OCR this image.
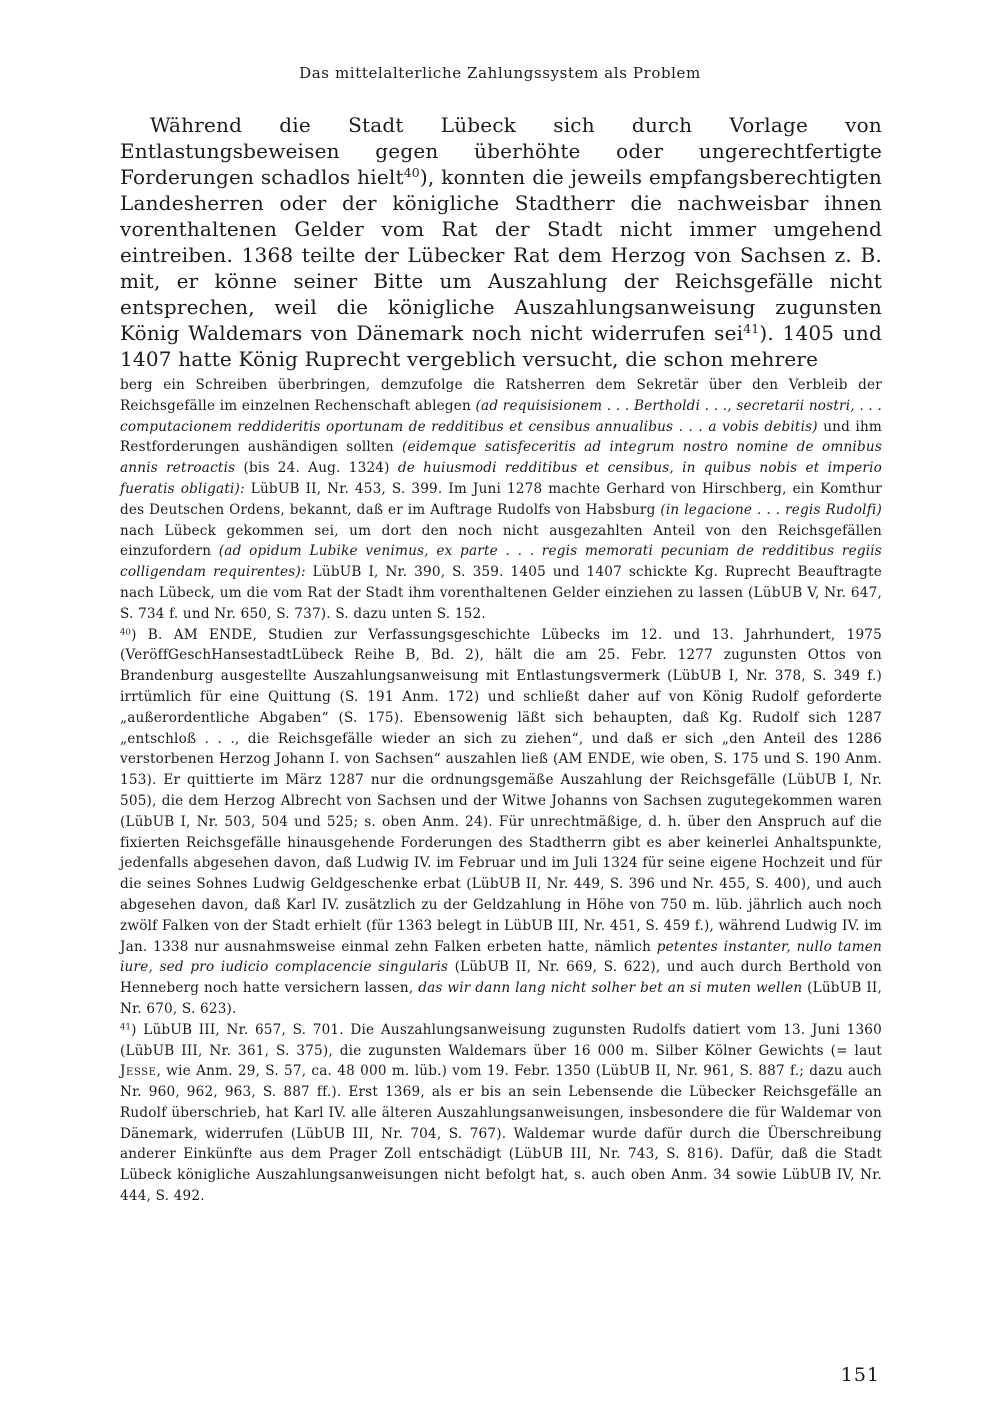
Das mittelalterliche Zahlungssystem als Problem

Während die Stadt Lübeck sich durch Vorlage von Entlastungsbeweisen gegen überhöhte oder ungerechtfertigte Forderungen schadlos hielt$^{40}$), konnten die jeweils empfangsberechtigten Landesherren oder der königliche Stadtherr die nachweisbar ihnen vorenthaltenen Gelder vom Rat der Stadt nicht immer umgehend eintreiben. 1368 teilte der Lübecker Rat dem Herzog von Sachsen z. B. mit, er könne seiner Bitte um Auszahlung der Reichsgefälle nicht entsprechen, weil die königliche Auszahlungsanweisung zugunsten König Waldemars von Dänemark noch nicht widerrufen sei$^{41}$). 1405 und 1407 hatte König Ruprecht vergeblich versucht, die schon mehrere

berg ein Schreiben überbringen, demzufolge die Ratsherren dem Sekretär über den Verbleib der Reichsgefälle im einzelnen Rechenschaft ablegen (ad requisisionem . . . Bertholdi . . ., secretarii nostri, . . . computacionem reddideritis oportunam de redditibus et censibus annualibus . . . a vobis debitis) und ihm Restforderungen aushändigen sollten (eidemque satisfeceritis ad integrum nostro nomine de omnibus annis retroactis (bis 24. Aug. 1324) de huiusmodi redditibus et censibus, in quibus nobis et imperio fueratis obligati): LübUB II, Nr. 453, S. 399. Im Juni 1278 machte Gerhard von Hirschberg, ein Komthur des Deutschen Ordens, bekannt, daß er im Auftrage Rudolfs von Habsburg (in legacione . . . regis Rudolfi) nach Lübeck gekommen sei, um dort den noch nicht ausgezahlten Anteil von den Reichsgefällen einzufordern (ad opidum Lubike venimus, ex parte . . . regis memorati pecuniam de redditibus regiis colligendam requirentes): LübUB I, Nr. 390, S. 359. 1405 und 1407 schickte Kg. Ruprecht Beauftragte nach Lübeck, um die vom Rat der Stadt ihm vorenthaltenen Gelder einziehen zu lassen (LübUB V, Nr. 647, S. 734 f. und Nr. 650, S. 737). S. dazu unten S. 152.

$^{40}$) B. AM ENDE, Studien zur Verfassungsgeschichte Lübecks im 12. und 13. Jahrhundert, 1975 (VeröffGeschHansestadtLübeck Reihe B, Bd. 2), hält die am 25. Febr. 1277 zugunsten Ottos von Brandenburg ausgestellte Auszahlungsanweisung mit Entlastungsvermerk (LübUB I, Nr. 378, S. 349 f.) irrtümlich für eine Quittung (S. 191 Anm. 172) und schließt daher auf von König Rudolf geforderte „außerordentliche Abgaben“ (S. 175). Ebensowenig läßt sich behaupten, daß Kg. Rudolf sich 1287 „entschloß . . ., die Reichsgefälle wieder an sich zu ziehen“, und daß er sich „den Anteil des 1286 verstorbenen Herzog Johann I. von Sachsen“ auszahlen ließ (AM ENDE, wie oben, S. 175 und S. 190 Anm. 153). Er quittierte im März 1287 nur die ordnungsgemäße Auszahlung der Reichsgefälle (LübUB I, Nr. 505), die dem Herzog Albrecht von Sachsen und der Witwe Johanns von Sachsen zugutegekommen waren (LübUB I, Nr. 503, 504 und 525; s. oben Anm. 24). Für unrechtmäßige, d. h. über den Anspruch auf die fixierten Reichsgefälle hinausgehende Forderungen des Stadtherrn gibt es aber keinerlei Anhaltspunkte, jedenfalls abgesehen davon, daß Ludwig IV. im Februar und im Juli 1324 für seine eigene Hochzeit und für die seines Sohnes Ludwig Geldgeschenke erbat (LübUB II, Nr. 449, S. 396 und Nr. 455, S. 400), und auch abgesehen davon, daß Karl IV. zusätzlich zu der Geldzahlung in Höhe von 750 m. lüb. jährlich auch noch zwölf Falken von der Stadt erhielt (für 1363 belegt in LübUB III, Nr. 451, S. 459 f.), während Ludwig IV. im Jan. 1338 nur ausnahmsweise einmal zehn Falken erbeten hatte, nämlich petentes instanter, nullo tamen iure, sed pro iudicio complacencie singularis (LübUB II, Nr. 669, S. 622), und auch durch Berthold von Henneberg noch hatte versichern lassen, das wir dann lang nicht solher bet an si muten wellen (LübUB II, Nr. 670, S. 623).

$^{41}$) LübUB III, Nr. 657, S. 701. Die Auszahlungsanweisung zugunsten Rudolfs datiert vom 13. Juni 1360 (LübUB III, Nr. 361, S. 375), die zugunsten Waldemars über 16 000 m. Silber Kölner Gewichts (= laut Jesse, wie Anm. 29, S. 57, ca. 48 000 m. lüb.) vom 19. Febr. 1350 (LübUB II, Nr. 961, S. 887 f.; dazu auch Nr. 960, 962, 963, S. 887 ff.). Erst 1369, als er bis an sein Lebensende die Lübecker Reichsgefälle an Rudolf überschrieb, hat Karl IV. alle älteren Auszahlungsanweisungen, insbesondere die für Waldemar von Dänemark, widerrufen (LübUB III, Nr. 704, S. 767). Waldemar wurde dafür durch die Überschreibung anderer Einkünfte aus dem Prager Zoll entschädigt (LübUB III, Nr. 743, S. 816). Dafür, daß die Stadt Lübeck königliche Auszahlungsanweisungen nicht befolgt hat, s. auch oben Anm. 34 sowie LübUB IV, Nr. 444, S. 492.

151
